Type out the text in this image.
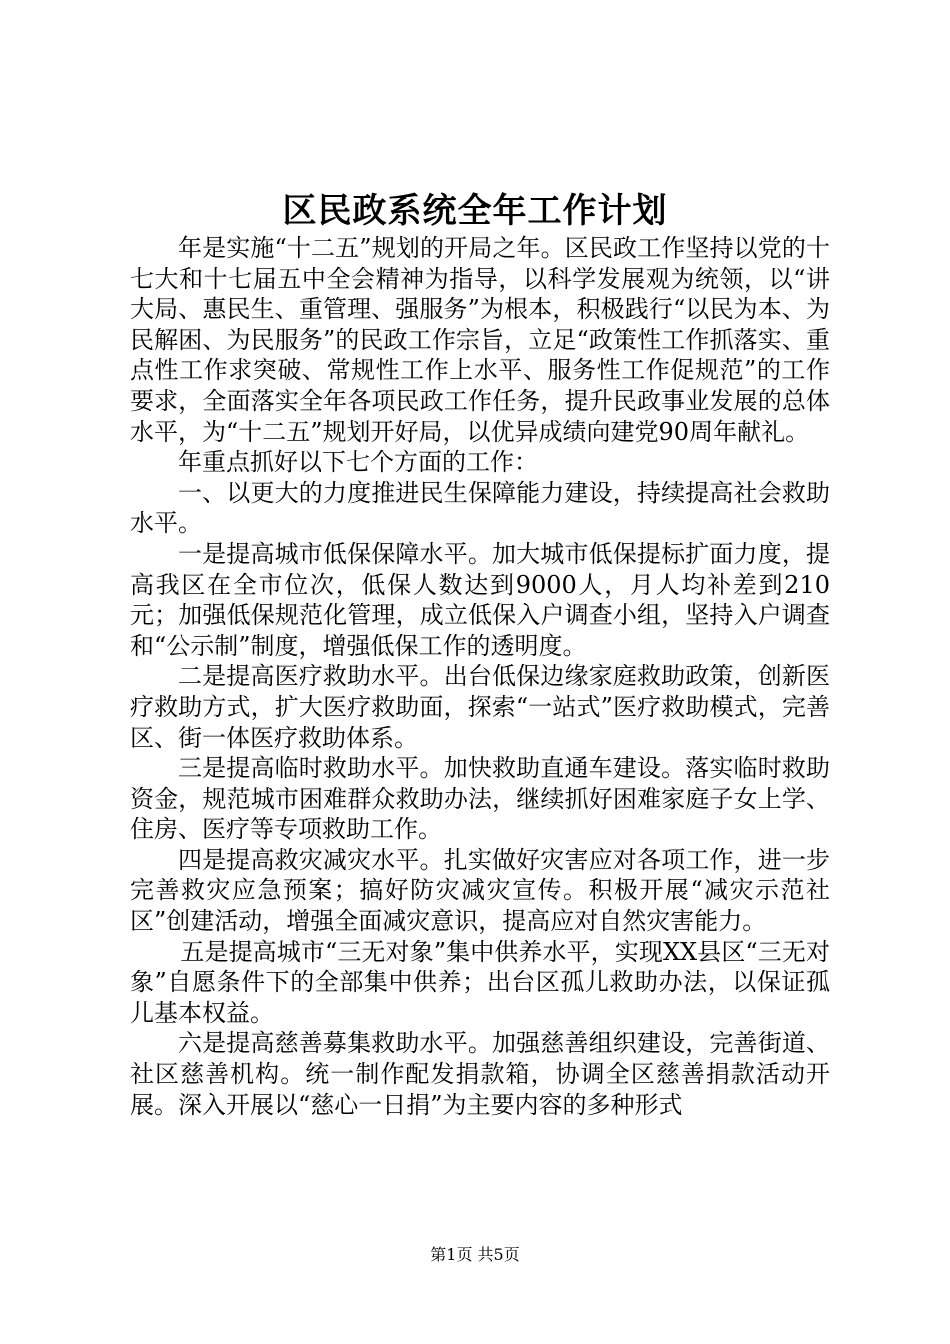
区民政系统全年工作计划

年是实施“十二五”规划的开局之年。区民政工作坚持以党的十七大和十七届五中全会精神为指导，以科学发展观为统领，以“讲大局、惠民生、重管理、强服务”为根本，积极践行“以民为本、为民解困、为民服务”的民政工作宗旨，立足“政策性工作抓落实、重点性工作求突破、常规性工作上水平、服务性工作促规范”的工作要求，全面落实全年各项民政工作任务，提升民政事业发展的总体水平，为“十二五”规划开好局，以优异成绩向建党90周年献礼。

年重点抓好以下七个方面的工作：

一、以更大的力度推进民生保障能力建设，持续提高社会救助水平。

一是提高城市低保保障水平。加大城市低保提标扩面力度，提高我区在全市位次，低保人数达到9000人，月人均补差到210元；加强低保规范化管理，成立低保入户调查小组，坚持入户调查和“公示制”制度，增强低保工作的透明度。

二是提高医疗救助水平。出台低保边缘家庭救助政策，创新医疗救助方式，扩大医疗救助面，探索“一站式”医疗救助模式，完善区、街一体医疗救助体系。

三是提高临时救助水平。加快救助直通车建设。落实临时救助资金，规范城市困难群众救助办法，继续抓好困难家庭子女上学、住房、医疗等专项救助工作。

四是提高救灾减灾水平。扎实做好灾害应对各项工作，进一步完善救灾应急预案；搞好防灾减灾宣传。积极开展“减灾示范社区”创建活动，增强全面减灾意识，提高应对自然灾害能力。

五是提高城市“三无对象”集中供养水平，实现XX县区“三无对象”自愿条件下的全部集中供养；出台区孤儿救助办法，以保证孤儿基本权益。

六是提高慈善募集救助水平。加强慈善组织建设，完善街道、社区慈善机构。统一制作配发捐款箱，协调全区慈善捐款活动开展。深入开展以“慈心一日捐”为主要内容的多种形式

第1页 共5页
